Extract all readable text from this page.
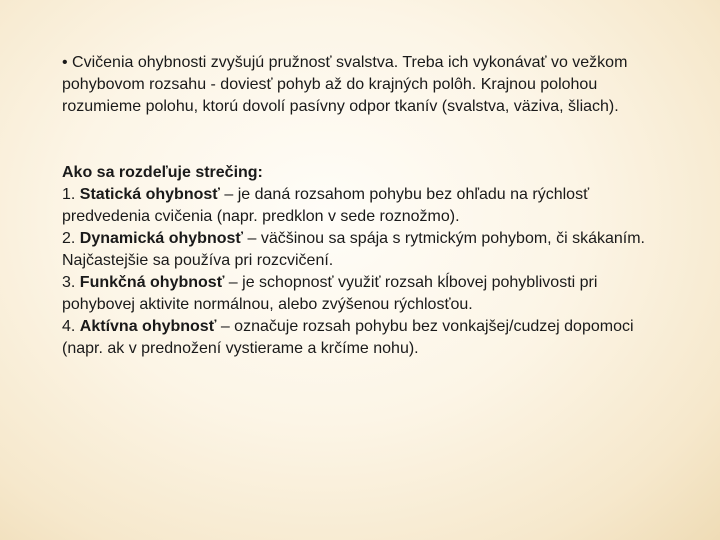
• Cvičenia ohybnosti zvyšujú pružnosť svalstva. Treba ich vykonávať vo vežkom pohybovom rozsahu - doviesť pohyb až do krajných polôh. Krajnou polohou rozumieme polohu, ktorú dovolí pasívny odpor tkanív (svalstva, väziva, šliach).

Ako sa rozdeľuje strečing:
1. Statická ohybnosť – je daná rozsahom pohybu bez ohľadu na rýchlosť predvedenia cvičenia (napr. predklon v sede roznožmo).
2. Dynamická ohybnosť – väčšinou sa spája s rytmickým pohybom, či skákaním. Najčastejšie sa používa pri rozcvičení.
3. Funkčná ohybnosť – je schopnosť využiť rozsah kĺbovej pohyblivosti pri pohybovej aktivite normálnou, alebo zvýšenou rýchlosťou.
4. Aktívna ohybnosť – označuje rozsah pohybu bez vonkajšej/cudzej dopomoci (napr. ak v prednožení vystierame a krčíme nohu).
